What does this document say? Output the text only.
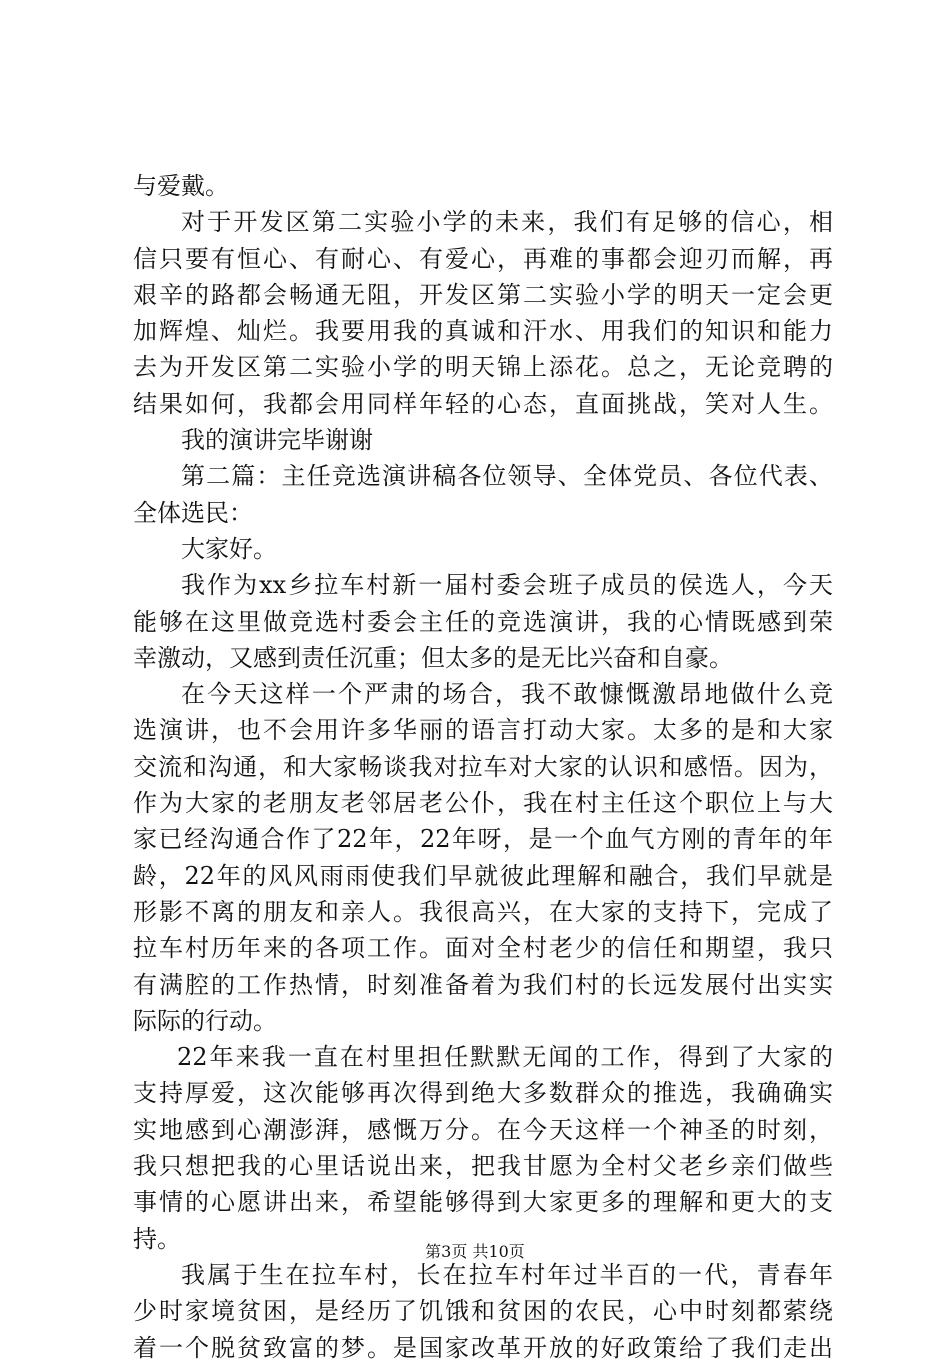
与爱戴。
对于开发区第二实验小学的未来，我们有足够的信心，相
信只要有恒心、有耐心、有爱心，再难的事都会迎刃而解，再
艰辛的路都会畅通无阻，开发区第二实验小学的明天一定会更
加辉煌、灿烂。我要用我的真诚和汗水、用我们的知识和能力
去为开发区第二实验小学的明天锦上添花。总之，无论竞聘的
结果如何，我都会用同样年轻的心态，直面挑战，笑对人生。
我的演讲完毕谢谢
第二篇：主任竞选演讲稿各位领导、全体党员、各位代表、
全体选民：
大家好。
我作为xx乡拉车村新一届村委会班子成员的侯选人，今天
能够在这里做竞选村委会主任的竞选演讲，我的心情既感到荣
幸激动，又感到责任沉重；但太多的是无比兴奋和自豪。
在今天这样一个严肃的场合，我不敢慷慨激昂地做什么竞
选演讲，也不会用许多华丽的语言打动大家。太多的是和大家
交流和沟通，和大家畅谈我对拉车对大家的认识和感悟。因为，
作为大家的老朋友老邻居老公仆，我在村主任这个职位上与大
家已经沟通合作了22年，22年呀，是一个血气方刚的青年的年
龄，22年的风风雨雨使我们早就彼此理解和融合，我们早就是
形影不离的朋友和亲人。我很高兴，在大家的支持下，完成了
拉车村历年来的各项工作。面对全村老少的信任和期望，我只
有满腔的工作热情，时刻准备着为我们村的长远发展付出实实
际际的行动。
22年来我一直在村里担任默默无闻的工作，得到了大家的
支持厚爱，这次能够再次得到绝大多数群众的推选，我确确实
实地感到心潮澎湃，感慨万分。在今天这样一个神圣的时刻，
我只想把我的心里话说出来，把我甘愿为全村父老乡亲们做些
事情的心愿讲出来，希望能够得到大家更多的理解和更大的支
持。
我属于生在拉车村，长在拉车村年过半百的一代，青春年
少时家境贫困，是经历了饥饿和贫困的农民，心中时刻都萦绕
着一个脱贫致富的梦。是国家改革开放的好政策给了我们走出
第3页 共10页
